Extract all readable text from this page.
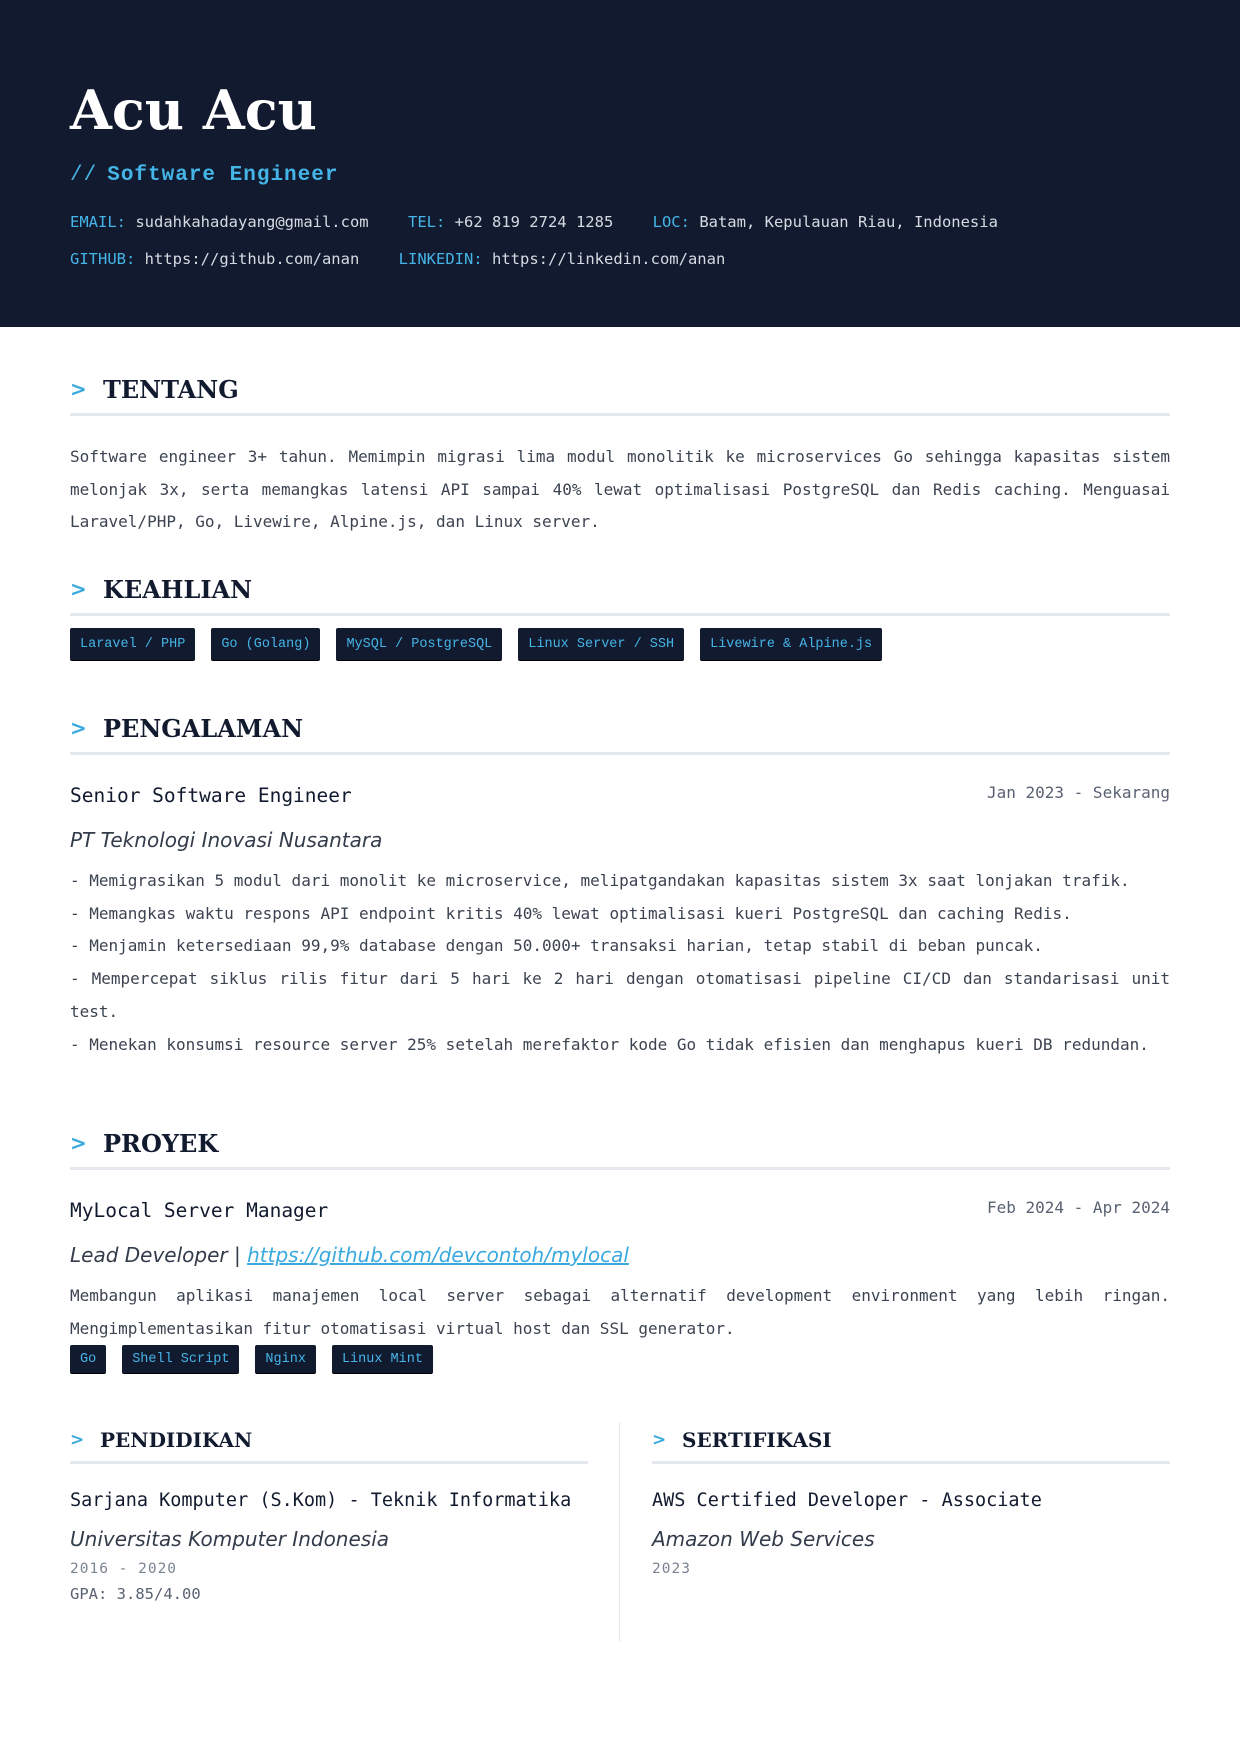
Acu Acu
// Software Engineer
EMAIL: sudahkahadayang@gmail.com	TEL: +62 819 2724 1285	LOC: Batam, Kepulauan Riau, Indonesia
GITHUB: https://github.com/anan	LINKEDIN: https://linkedin.com/anan
> TENTANG
Software engineer 3+ tahun. Memimpin migrasi lima modul monolitik ke microservices Go sehingga kapasitas sistem melonjak 3x, serta memangkas latensi API sampai 40% lewat optimalisasi PostgreSQL dan Redis caching. Menguasai Laravel/PHP, Go, Livewire, Alpine.js, dan Linux server.
> KEAHLIAN
Laravel / PHP	Go (Golang)	MySQL / PostgreSQL	Linux Server / SSH	Livewire & Alpine.js
> PENGALAMAN
Senior Software Engineer	Jan 2023 - Sekarang
PT Teknologi Inovasi Nusantara
- Memigrasikan 5 modul dari monolit ke microservice, melipatgandakan kapasitas sistem 3x saat lonjakan trafik.
- Memangkas waktu respons API endpoint kritis 40% lewat optimalisasi kueri PostgreSQL dan caching Redis.
- Menjamin ketersediaan 99,9% database dengan 50.000+ transaksi harian, tetap stabil di beban puncak.
- Mempercepat siklus rilis fitur dari 5 hari ke 2 hari dengan otomatisasi pipeline CI/CD dan standarisasi unit test.
- Menekan konsumsi resource server 25% setelah merefaktor kode Go tidak efisien dan menghapus kueri DB redundan.
> PROYEK
MyLocal Server Manager	Feb 2024 - Apr 2024
Lead Developer | https://github.com/devcontoh/mylocal
Membangun aplikasi manajemen local server sebagai alternatif development environment yang lebih ringan. Mengimplementasikan fitur otomatisasi virtual host dan SSL generator.
Go	Shell Script	Nginx	Linux Mint
> PENDIDIKAN
Sarjana Komputer (S.Kom) - Teknik Informatika
Universitas Komputer Indonesia
2016 - 2020
GPA: 3.85/4.00
> SERTIFIKASI
AWS Certified Developer - Associate
Amazon Web Services
2023
